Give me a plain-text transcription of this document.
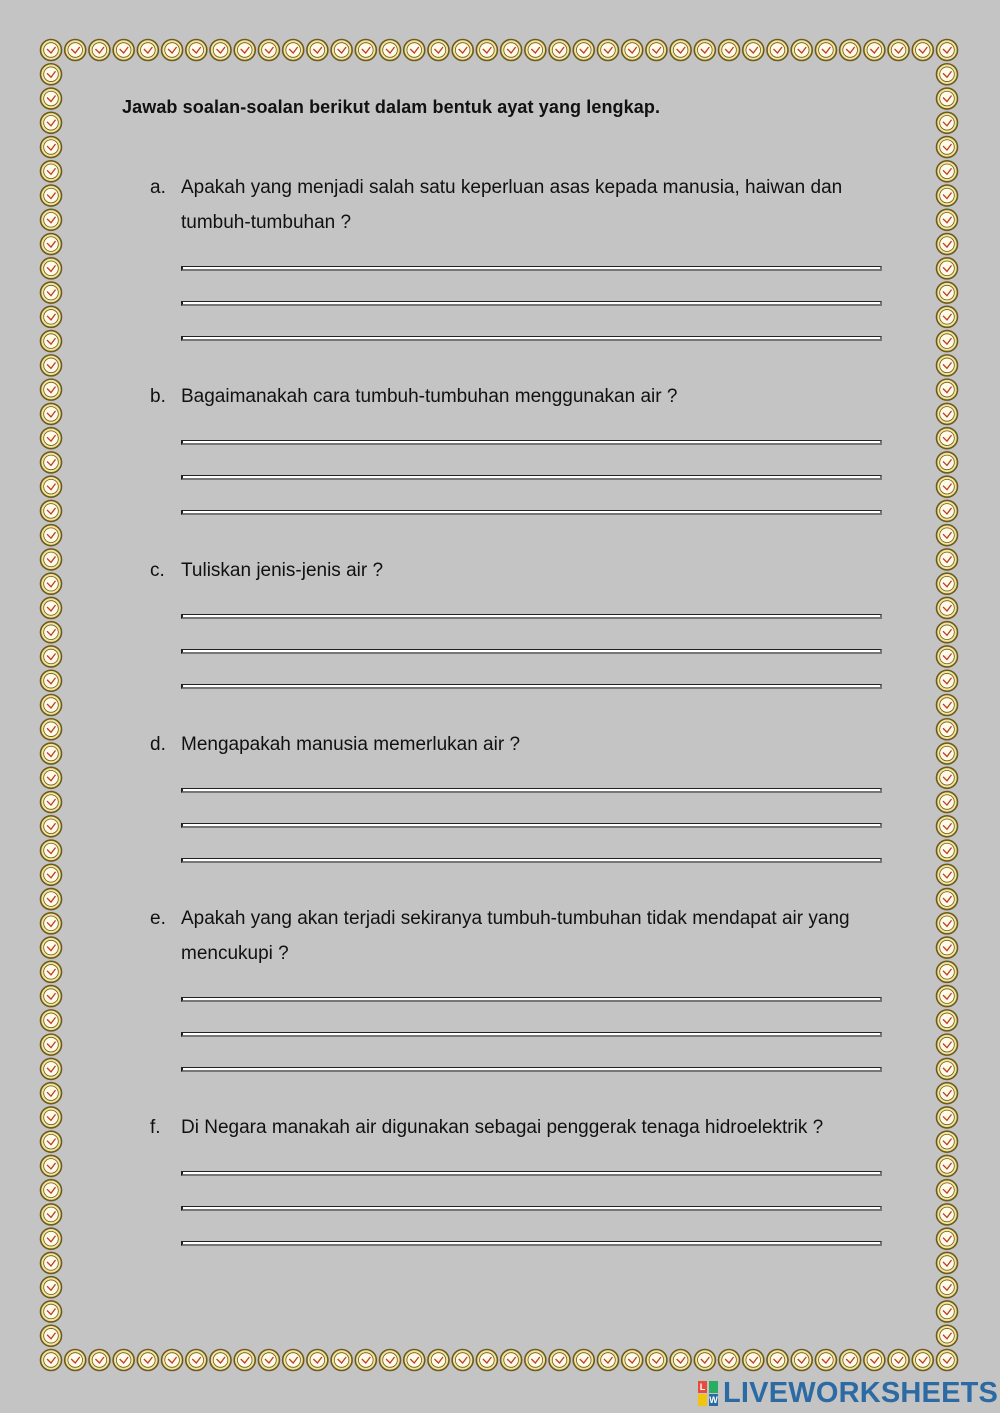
Jawab soalan-soalan berikut dalam bentuk ayat yang lengkap.
a. Apakah yang menjadi salah satu keperluan asas kepada manusia, haiwan dan tumbuh-tumbuhan ?
b. Bagaimanakah cara tumbuh-tumbuhan menggunakan air ?
c. Tuliskan jenis-jenis air ?
d. Mengapakah manusia memerlukan air ?
e. Apakah yang akan terjadi sekiranya tumbuh-tumbuhan tidak mendapat air yang mencukupi ?
f. Di Negara manakah air digunakan sebagai penggerak tenaga hidroelektrik ?
L
W LIVEWORKSHEETS
